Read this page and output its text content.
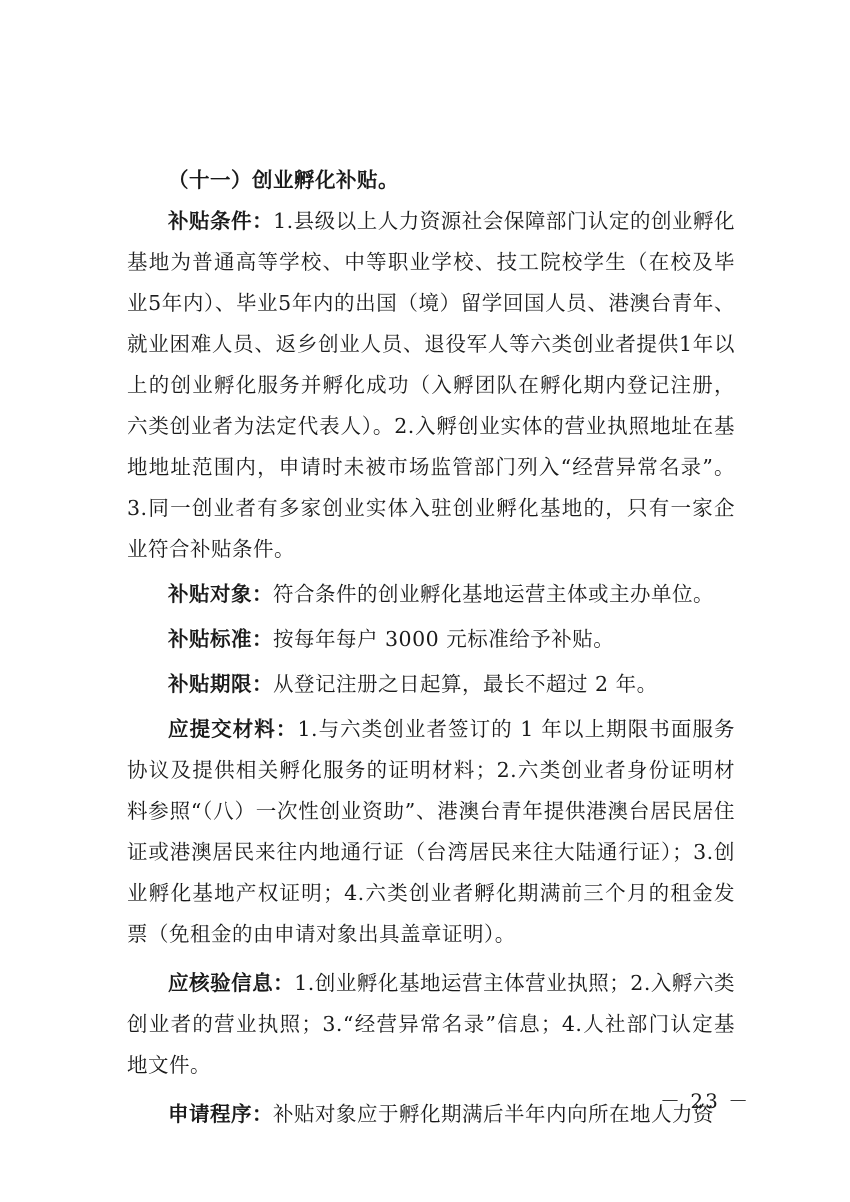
（十一）创业孵化补贴。

补贴条件：1.县级以上人力资源社会保障部门认定的创业孵化基地为普通高等学校、中等职业学校、技工院校学生（在校及毕业5年内）、毕业5年内的出国（境）留学回国人员、港澳台青年、就业困难人员、返乡创业人员、退役军人等六类创业者提供1年以上的创业孵化服务并孵化成功（入孵团队在孵化期内登记注册，六类创业者为法定代表人）。2.入孵创业实体的营业执照地址在基地地址范围内，申请时未被市场监管部门列入“经营异常名录”。3.同一创业者有多家创业实体入驻创业孵化基地的，只有一家企业符合补贴条件。

补贴对象：符合条件的创业孵化基地运营主体或主办单位。

补贴标准：按每年每户 3000 元标准给予补贴。

补贴期限：从登记注册之日起算，最长不超过 2 年。

应提交材料：1.与六类创业者签订的 1 年以上期限书面服务协议及提供相关孵化服务的证明材料；2.六类创业者身份证明材料参照“（八）一次性创业资助”、港澳台青年提供港澳台居民居住证或港澳居民来往内地通行证（台湾居民来往大陆通行证）；3.创业孵化基地产权证明；4.六类创业者孵化期满前三个月的租金发票（免租金的由申请对象出具盖章证明）。

应核验信息：1.创业孵化基地运营主体营业执照；2.入孵六类创业者的营业执照；3.“经营异常名录”信息；4.人社部门认定基地文件。

申请程序：补贴对象应于孵化期满后半年内向所在地人力资

－ 23 －
